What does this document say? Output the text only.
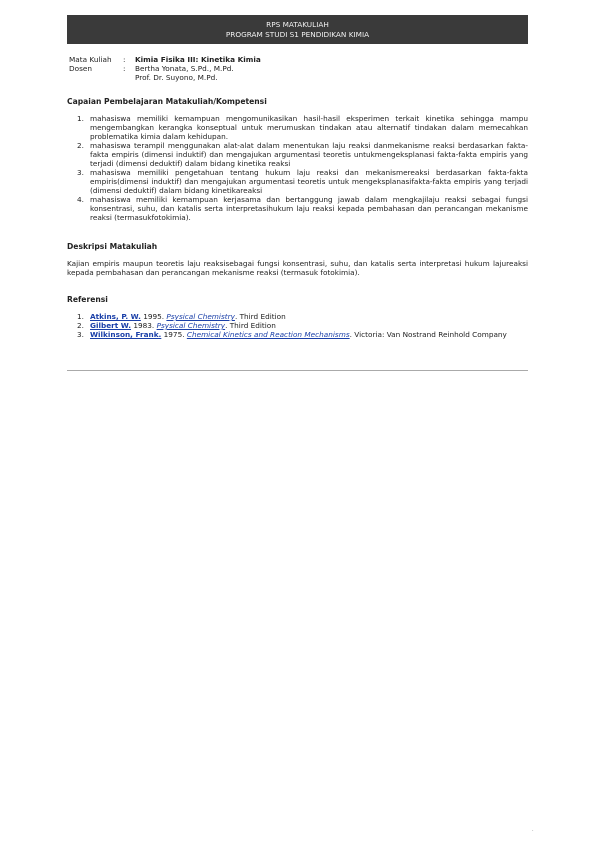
RPS MATAKULIAH
PROGRAM STUDI S1 PENDIDIKAN KIMIA
Mata Kuliah	:	Kimia Fisika III: Kinetika Kimia
Dosen	:	Bertha Yonata, S.Pd., M.Pd.
Prof. Dr. Suyono, M.Pd.
Capaian Pembelajaran Matakuliah/Kompetensi
1. mahasiswa memiliki kemampuan mengomunikasikan hasil-hasil eksperimen terkait kinetika sehingga mampu mengembangkan kerangka konseptual untuk merumuskan tindakan atau alternatif tindakan dalam memecahkan problematika kimia dalam kehidupan.
2. mahasiswa terampil menggunakan alat-alat dalam menentukan laju reaksi danmekanisme reaksi berdasarkan fakta-fakta empiris (dimensi induktif) dan mengajukan argumentasi teoretis untukmengeksplanasi fakta-fakta empiris yang terjadi (dimensi deduktif) dalam bidang kinetika reaksi
3. mahasiswa memiliki pengetahuan tentang hukum laju reaksi dan mekanismereaksi berdasarkan fakta-fakta empiris(dimensi induktif) dan mengajukan argumentasi teoretis untuk mengeksplanasifakta-fakta empiris yang terjadi (dimensi deduktif) dalam bidang kinetikareaksi
4. mahasiswa memiliki kemampuan kerjasama dan bertanggung jawab dalam mengkajilaju reaksi sebagai fungsi konsentrasi, suhu, dan katalis serta interpretasihukum laju reaksi kepada pembahasan dan perancangan mekanisme reaksi (termasukfotokimia).
Deskripsi Matakuliah

Kajian empiris maupun teoretis laju reaksisebagai fungsi konsentrasi, suhu, dan katalis serta interpretasi hukum lajureaksi kepada pembahasan dan perancangan mekanisme reaksi (termasuk fotokimia).

Referensi
1. Atkins, P. W. 1995. Psysical Chemistry. Third Edition
2. Gilbert W. 1983. Psysical Chemistry. Third Edition
3. Wilkinson, Frank. 1975. Chemical Kinetics and Reaction Mechanisms. Victoria: Van Nostrand Reinhold Company
.
